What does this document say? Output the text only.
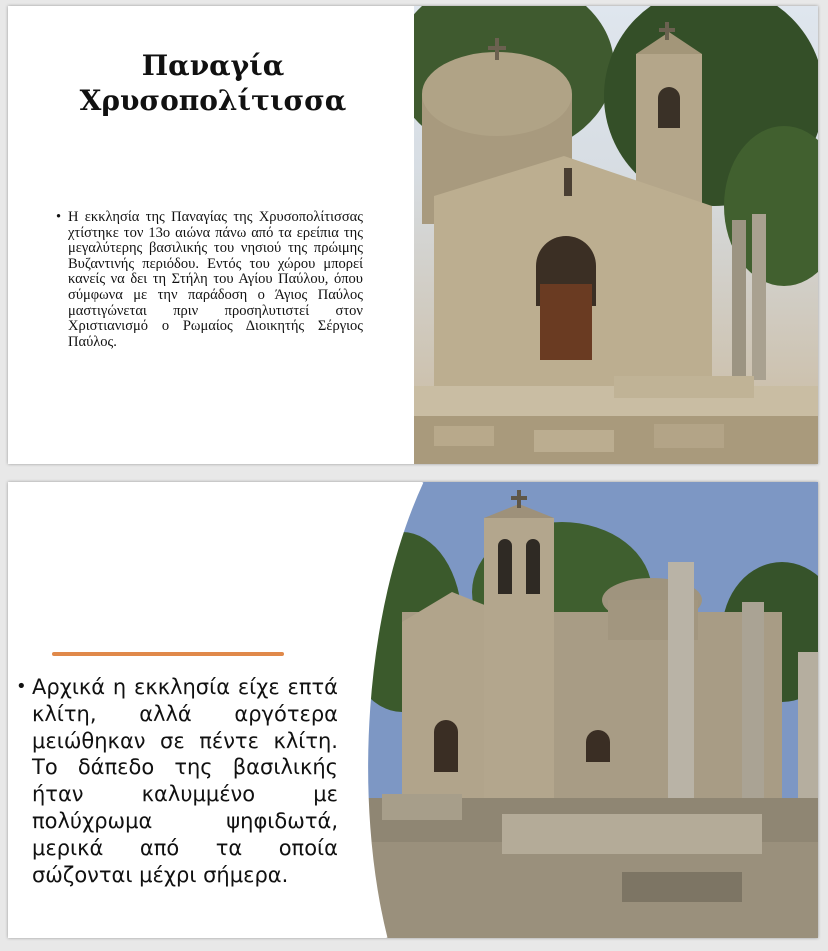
Παναγία
Χρυσοπολίτισσα
• Η εκκλησία της Παναγίας της Χρυσοπολίτισσας χτίστηκε τον 13ο αιώνα πάνω από τα ερείπια της μεγαλύτερης βασιλικής του νησιού της πρώιμης Βυζαντινής περιόδου. Εντός του χώρου μπορεί κανείς να δει τη Στήλη του Αγίου Παύλου, όπου σύμφωνα με την παράδοση ο Άγιος Παύλος μαστιγώνεται πριν προσηλυτιστεί στον Χριστιανισμό ο Ρωμαίος Διοικητής Σέργιος Παύλος.
• Αρχικά η εκκλησία είχε επτά κλίτη, αλλά αργότερα μειώθηκαν σε πέντε κλίτη. Το δάπεδο της βασιλικής ήταν καλυμμένο με πολύχρωμα ψηφιδωτά, μερικά από τα οποία σώζονται μέχρι σήμερα.
